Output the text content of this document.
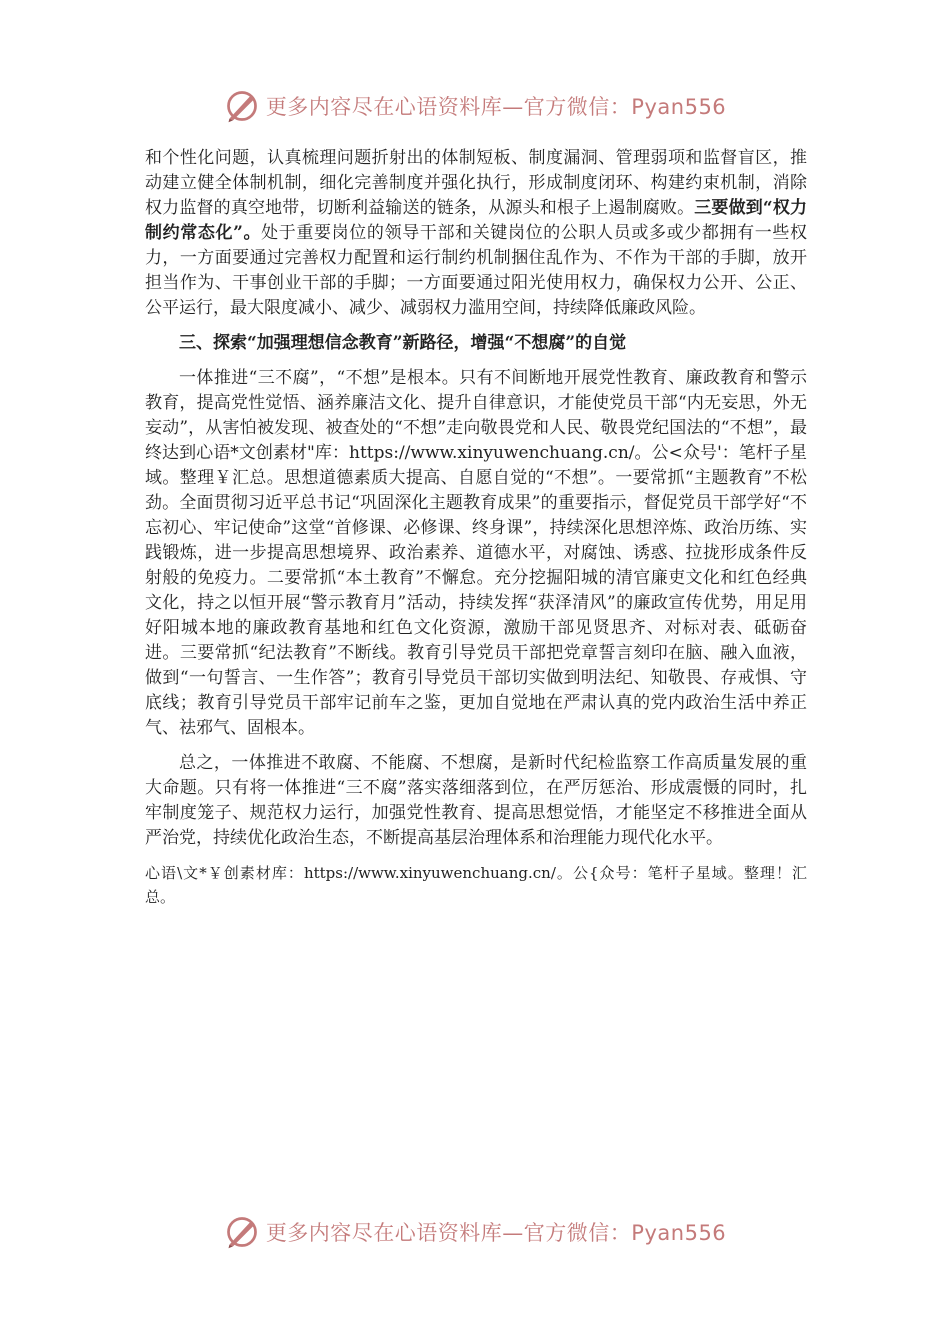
更多内容尽在心语资料库—官方微信：Pyan556

和个性化问题，认真梳理问题折射出的体制短板、制度漏洞、管理弱项和监督盲区，推动建立健全体制机制，细化完善制度并强化执行，形成制度闭环、构建约束机制，消除权力监督的真空地带，切断利益输送的链条，从源头和根子上遏制腐败。三要做到“权力制约常态化”。处于重要岗位的领导干部和关键岗位的公职人员或多或少都拥有一些权力，一方面要通过完善权力配置和运行制约机制捆住乱作为、不作为干部的手脚，放开担当作为、干事创业干部的手脚；一方面要通过阳光使用权力，确保权力公开、公正、公平运行，最大限度减小、减少、减弱权力滥用空间，持续降低廉政风险。

三、探索“加强理想信念教育”新路径，增强“不想腐”的自觉

一体推进“三不腐”，“不想”是根本。只有不间断地开展党性教育、廉政教育和警示教育，提高党性觉悟、涵养廉洁文化、提升自律意识，才能使党员干部“内无妄思，外无妄动”，从害怕被发现、被查处的“不想”走向敬畏党和人民、敬畏党纪国法的“不想”，最终达到心语*文创素材"库：https://www.xinyuwenchuang.cn/。公<众号'：笔杆子星域。整理￥汇总。思想道德素质大提高、自愿自觉的“不想”。一要常抓“主题教育”不松劲。全面贯彻习近平总书记“巩固深化主题教育成果”的重要指示，督促党员干部学好“不忘初心、牢记使命”这堂“首修课、必修课、终身课”，持续深化思想淬炼、政治历练、实践锻炼，进一步提高思想境界、政治素养、道德水平，对腐蚀、诱惑、拉拢形成条件反射般的免疫力。二要常抓“本土教育”不懈怠。充分挖掘阳城的清官廉吏文化和红色经典文化，持之以恒开展“警示教育月”活动，持续发挥“获泽清风”的廉政宣传优势，用足用好阳城本地的廉政教育基地和红色文化资源，激励干部见贤思齐、对标对表、砥砺奋进。三要常抓“纪法教育”不断线。教育引导党员干部把党章誓言刻印在脑、融入血液，做到“一句誓言、一生作答”；教育引导党员干部切实做到明法纪、知敬畏、存戒惧、守底线；教育引导党员干部牢记前车之鉴，更加自觉地在严肃认真的党内政治生活中养正气、祛邪气、固根本。

总之，一体推进不敢腐、不能腐、不想腐，是新时代纪检监察工作高质量发展的重大命题。只有将一体推进“三不腐”落实落细落到位，在严厉惩治、形成震慑的同时，扎牢制度笼子、规范权力运行，加强党性教育、提高思想觉悟，才能坚定不移推进全面从严治党，持续优化政治生态，不断提高基层治理体系和治理能力现代化水平。

心语\文*￥创素材库：https://www.xinyuwenchuang.cn/。公{众号：笔杆子星域。整理！汇总。

更多内容尽在心语资料库—官方微信：Pyan556
